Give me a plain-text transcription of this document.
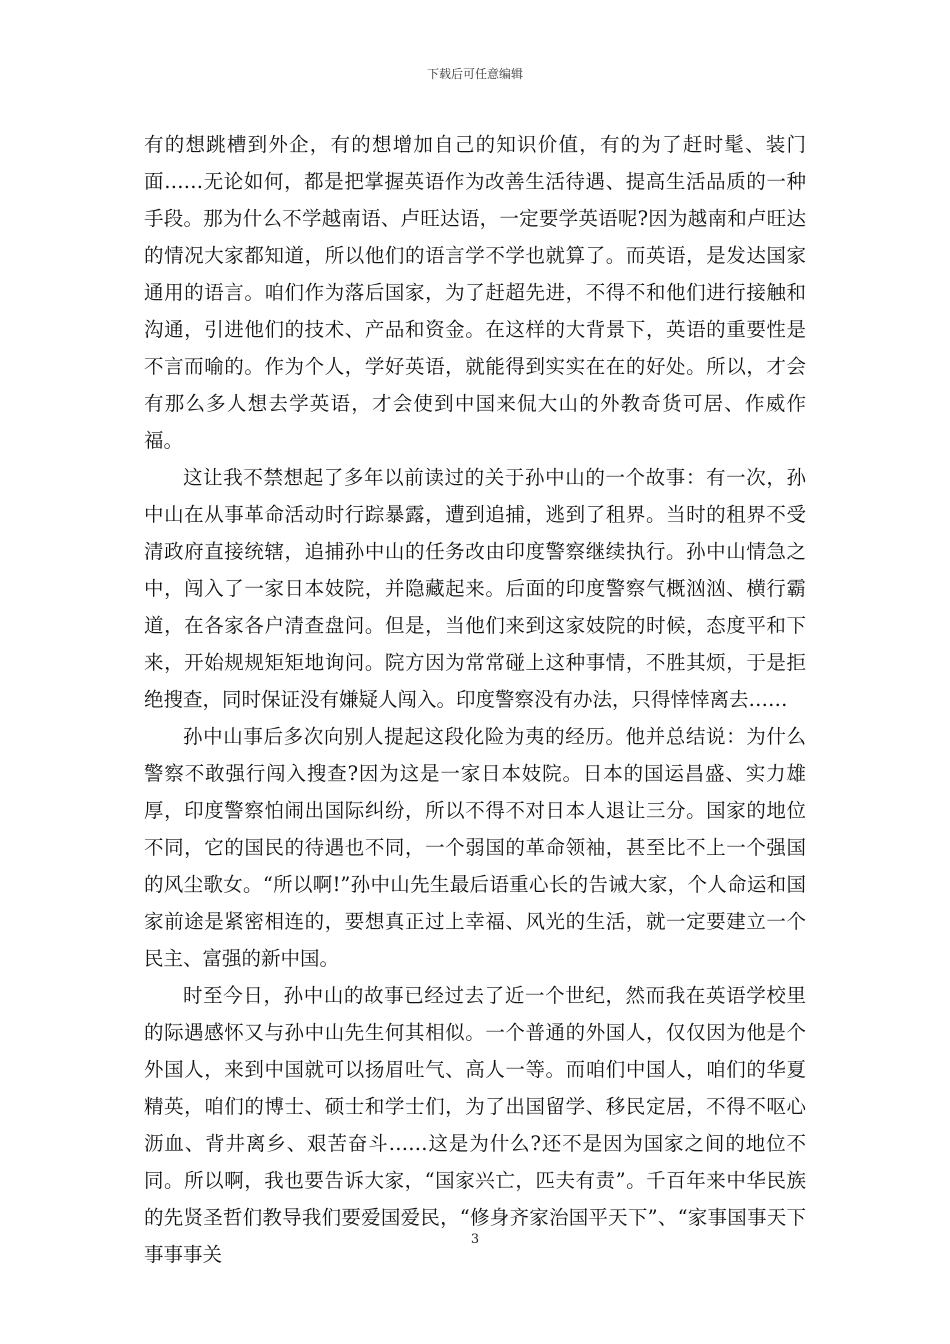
下载后可任意编辑

有的想跳槽到外企，有的想增加自己的知识价值，有的为了赶时髦、装门面……无论如何，都是把掌握英语作为改善生活待遇、提高生活品质的一种手段。那为什么不学越南语、卢旺达语，一定要学英语呢?因为越南和卢旺达的情况大家都知道，所以他们的语言学不学也就算了。而英语，是发达国家通用的语言。咱们作为落后国家，为了赶超先进，不得不和他们进行接触和沟通，引进他们的技术、产品和资金。在这样的大背景下，英语的重要性是不言而喻的。作为个人，学好英语，就能得到实实在在的好处。所以，才会有那么多人想去学英语，才会使到中国来侃大山的外教奇货可居、作威作福。

这让我不禁想起了多年以前读过的关于孙中山的一个故事：有一次，孙中山在从事革命活动时行踪暴露，遭到追捕，逃到了租界。当时的租界不受清政府直接统辖，追捕孙中山的任务改由印度警察继续执行。孙中山情急之中，闯入了一家日本妓院，并隐藏起来。后面的印度警察气概汹汹、横行霸道，在各家各户清查盘问。但是，当他们来到这家妓院的时候，态度平和下来，开始规规矩矩地询问。院方因为常常碰上这种事情，不胜其烦，于是拒绝搜查，同时保证没有嫌疑人闯入。印度警察没有办法，只得悻悻离去……

孙中山事后多次向别人提起这段化险为夷的经历。他并总结说：为什么警察不敢强行闯入搜查?因为这是一家日本妓院。日本的国运昌盛、实力雄厚，印度警察怕闹出国际纠纷，所以不得不对日本人退让三分。国家的地位不同，它的国民的待遇也不同，一个弱国的革命领袖，甚至比不上一个强国的风尘歌女。“所以啊!”孙中山先生最后语重心长的告诫大家，个人命运和国家前途是紧密相连的，要想真正过上幸福、风光的生活，就一定要建立一个民主、富强的新中国。

时至今日，孙中山的故事已经过去了近一个世纪，然而我在英语学校里的际遇感怀又与孙中山先生何其相似。一个普通的外国人，仅仅因为他是个外国人，来到中国就可以扬眉吐气、高人一等。而咱们中国人，咱们的华夏精英，咱们的博士、硕士和学士们，为了出国留学、移民定居，不得不呕心沥血、背井离乡、艰苦奋斗……这是为什么?还不是因为国家之间的地位不同。所以啊，我也要告诉大家，“国家兴亡，匹夫有责”。千百年来中华民族的先贤圣哲们教导我们要爱国爱民，“修身齐家治国平天下”、“家事国事天下事事事关

3
